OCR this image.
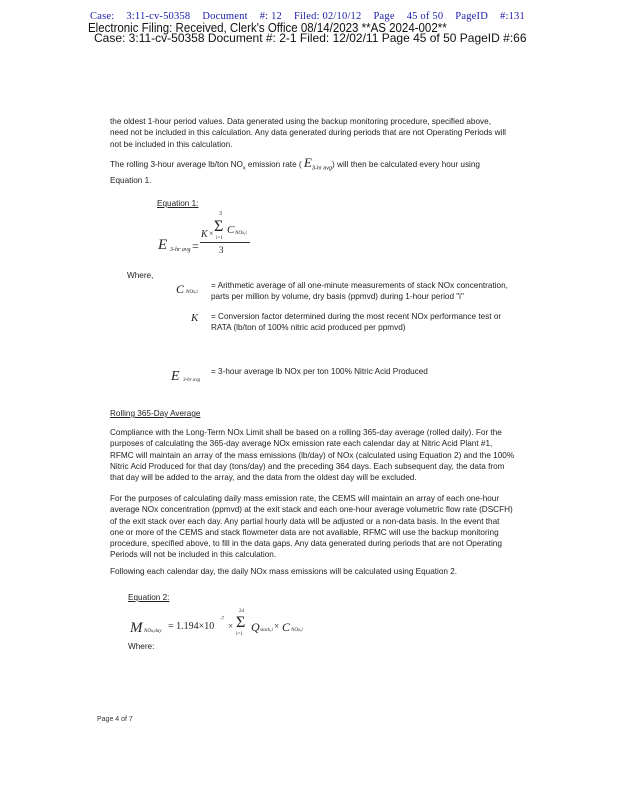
Case: 3:11-cv-50358 Document #: 12 Filed: 02/10/12 Page 45 of 50 PageID #:131
Electronic Filing: Received, Clerk's Office 08/14/2023 **AS 2024-002**
Case: 3:11-cv-50358 Document #: 2-1 Filed: 12/02/11 Page 45 of 50 PageID #:66
the oldest 1-hour period values. Data generated using the backup monitoring procedure, specified above, need not be included in this calculation. Any data generated during periods that are not Operating Periods will not be included in this calculation.
The rolling 3-hour average lb/ton $NO_x$ emission rate ( $E_{3-hr avg}$) will then be calculated every hour using Equation 1.
Equation 1:
E 3-hr avg =
K ×
3
Σ
i=1
C NOx,i
3
Where,
C NOx,i
= Arithmetic average of all one-minute measurements of stack NOx concentration, parts per million by volume, dry basis (ppmvd) during 1-hour period "i"
K = Conversion factor determined during the most recent NOx performance test or RATA (lb/ton of 100% nitric acid produced per ppmvd)
E 3-hr avg
= 3-hour average lb NOx per ton 100% Nitric Acid Produced
Rolling 365-Day Average
Compliance with the Long-Term NOx Limit shall be based on a rolling 365-day average (rolled daily). For the purposes of calculating the 365-day average NOx emission rate each calendar day at Nitric Acid Plant #1, RFMC will maintain an array of the mass emissions (lb/day) of NOx (calculated using Equation 2) and the 100% Nitric Acid Produced for that day (tons/day) and the preceding 364 days. Each subsequent day, the data from that day will be added to the array, and the data from the oldest day will be excluded.
For the purposes of calculating daily mass emission rate, the CEMS will maintain an array of each one-hour average NOx concentration (ppmvd) at the exit stack and each one-hour average volumetric flow rate (DSCFH) of the exit stack over each day. Any partial hourly data will be adjusted or a non-data basis. In the event that one or more of the CEMS and stack flowmeter data are not available, RFMC will use the backup monitoring procedure, specified above, to fill in the data gaps. Any data generated during periods that are not Operating Periods will not be included in this calculation.
Following each calendar day, the daily NOx mass emissions will be calculated using Equation 2.
Equation 2:
M NOx,day = 1.194×10
-7
×
24
Σ
i=1
Q stack,i × C NOx,i
Where:
Page 4 of 7
